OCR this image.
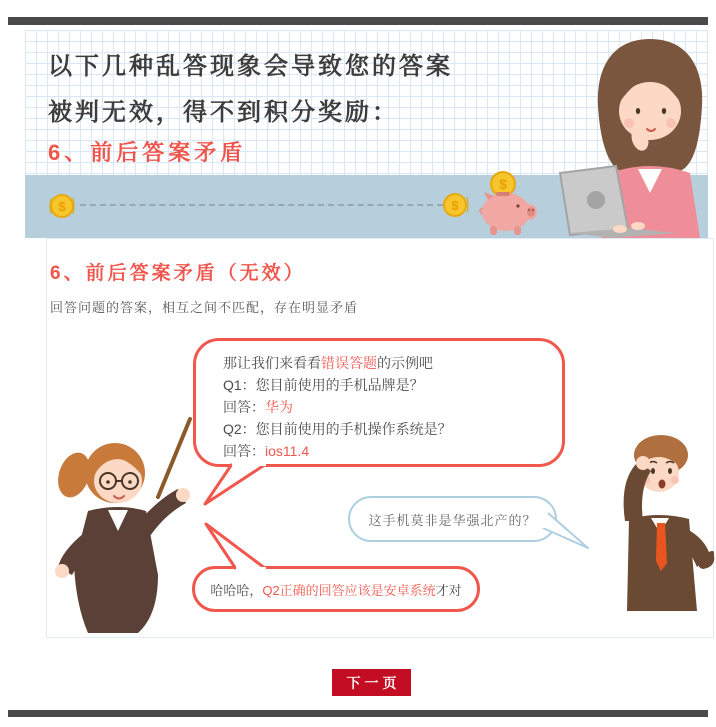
以下几种乱答现象会导致您的答案
被判无效，得不到积分奖励：
6、前后答案矛盾
$	$
$
6、前后答案矛盾（无效）
回答问题的答案，相互之间不匹配，存在明显矛盾
那让我们来看看错误答题的示例吧
Q1：您目前使用的手机品牌是？
回答：华为
Q2：您目前使用的手机操作系统是？
回答：ios11.4
这手机莫非是华强北产的？
哈哈哈， Q2正确的回答应该是安卓系统 才对
下一页
